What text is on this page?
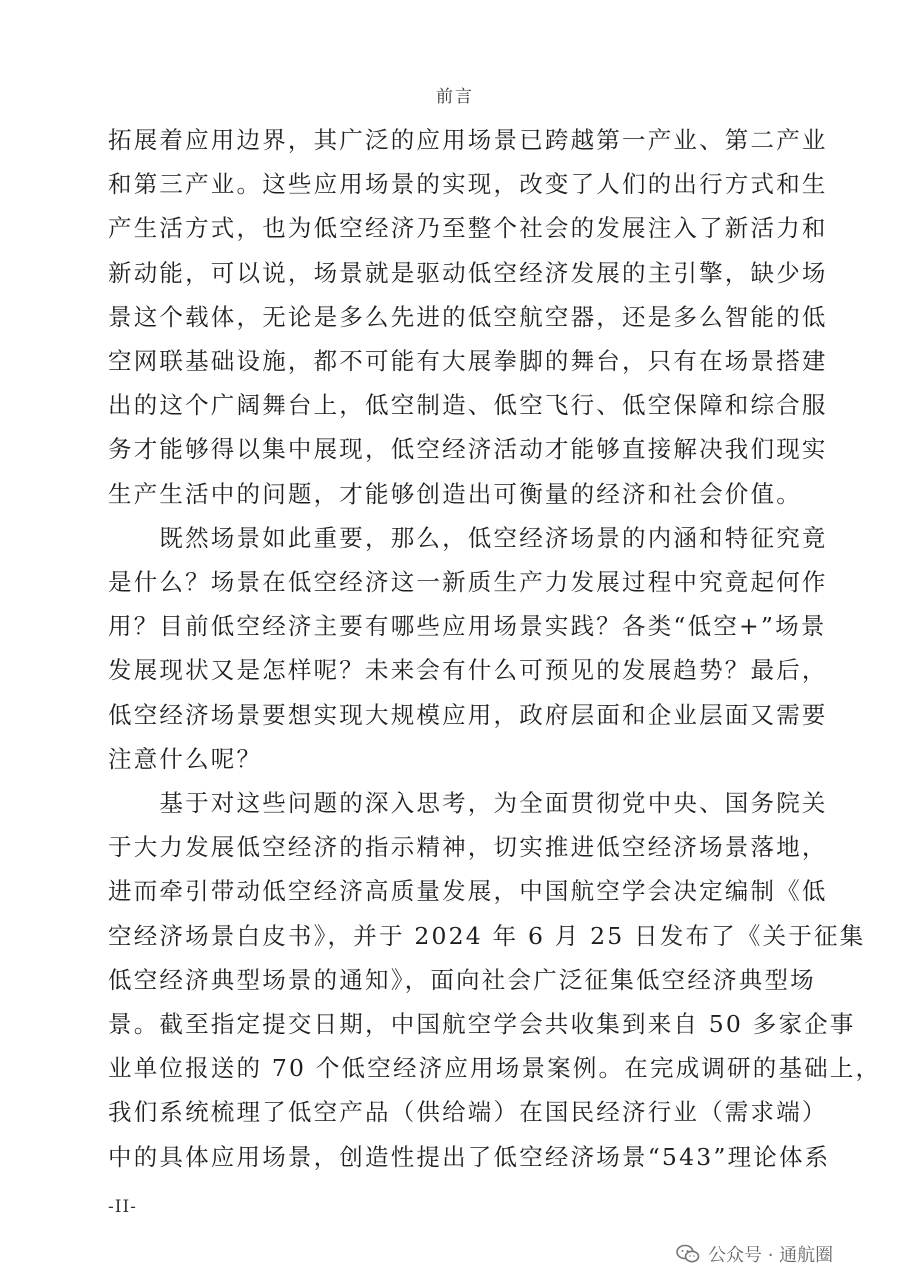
前言
拓展着应用边界，其广泛的应用场景已跨越第一产业、第二产业
和第三产业。这些应用场景的实现，改变了人们的出行方式和生
产生活方式，也为低空经济乃至整个社会的发展注入了新活力和
新动能，可以说，场景就是驱动低空经济发展的主引擎，缺少场
景这个载体，无论是多么先进的低空航空器，还是多么智能的低
空网联基础设施，都不可能有大展拳脚的舞台，只有在场景搭建
出的这个广阔舞台上，低空制造、低空飞行、低空保障和综合服
务才能够得以集中展现，低空经济活动才能够直接解决我们现实
生产生活中的问题，才能够创造出可衡量的经济和社会价值。
　　既然场景如此重要，那么，低空经济场景的内涵和特征究竟
是什么？场景在低空经济这一新质生产力发展过程中究竟起何作
用？目前低空经济主要有哪些应用场景实践？各类“低空+”场景
发展现状又是怎样呢？未来会有什么可预见的发展趋势？最后，
低空经济场景要想实现大规模应用，政府层面和企业层面又需要
注意什么呢？
　　基于对这些问题的深入思考，为全面贯彻党中央、国务院关
于大力发展低空经济的指示精神，切实推进低空经济场景落地，
进而牵引带动低空经济高质量发展，中国航空学会决定编制《低
空经济场景白皮书》，并于 2024 年 6 月 25 日发布了《关于征集
低空经济典型场景的通知》，面向社会广泛征集低空经济典型场
景。截至指定提交日期，中国航空学会共收集到来自 50 多家企事
业单位报送的 70 个低空经济应用场景案例。在完成调研的基础上，
我们系统梳理了低空产品（供给端）在国民经济行业（需求端）
中的具体应用场景，创造性提出了低空经济场景“543”理论体系
-II-
公众号 · 通航圈
